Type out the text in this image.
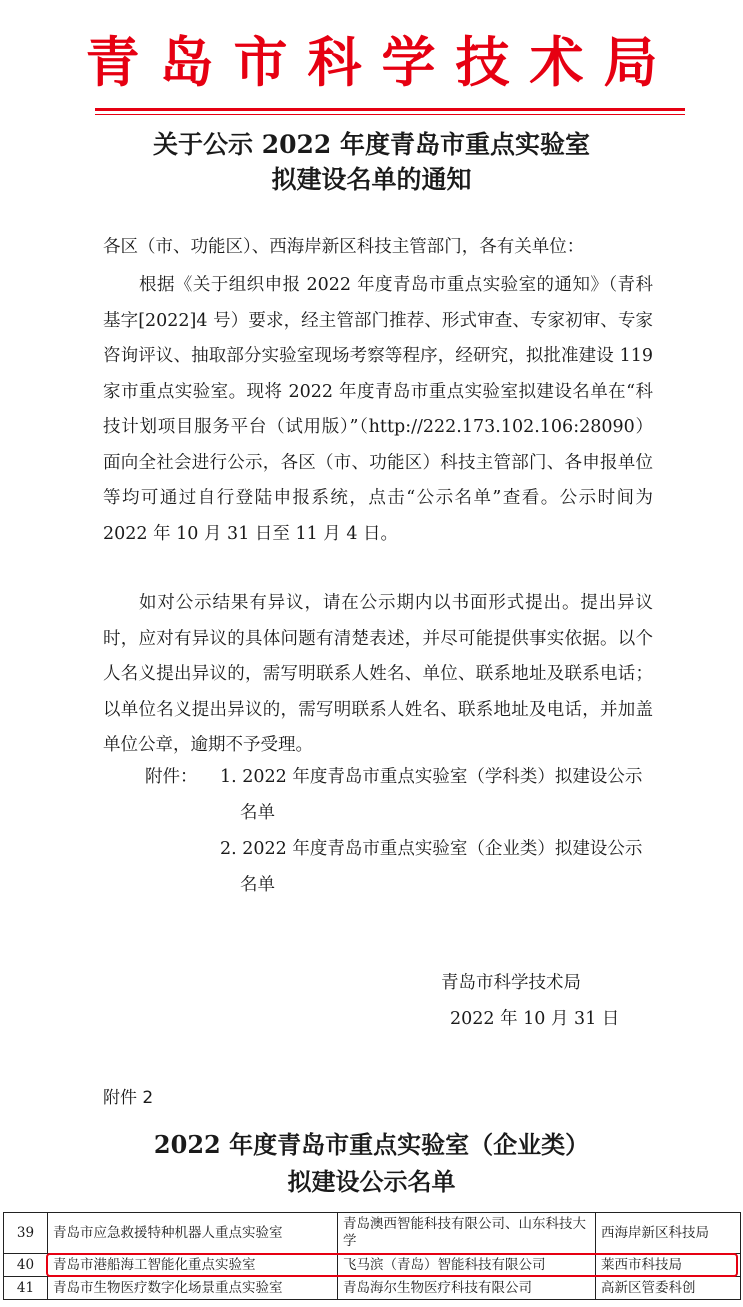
青岛市科学技术局
关于公示 2022 年度青岛市重点实验室
拟建设名单的通知
各区（市、功能区）、西海岸新区科技主管部门，各有关单位：
根据《关于组织申报 2022 年度青岛市重点实验室的通知》（青科基字[2022]4 号）要求，经主管部门推荐、形式审查、专家初审、专家咨询评议、抽取部分实验室现场考察等程序，经研究，拟批准建设 119 家市重点实验室。现将 2022 年度青岛市重点实验室拟建设名单在“科技计划项目服务平台（试用版）”（http://222.173.102.106:28090）面向全社会进行公示，各区（市、功能区）科技主管部门、各申报单位等均可通过自行登陆申报系统，点击“公示名单”查看。公示时间为 2022 年 10 月 31 日至 11 月 4 日。
如对公示结果有异议，请在公示期内以书面形式提出。提出异议时，应对有异议的具体问题有清楚表述，并尽可能提供事实依据。以个人名义提出异议的，需写明联系人姓名、单位、联系地址及联系电话；以单位名义提出异议的，需写明联系人姓名、联系地址及电话，并加盖单位公章，逾期不予受理。
附件： 1. 2022 年度青岛市重点实验室（学科类）拟建设公示名单
2. 2022 年度青岛市重点实验室（企业类）拟建设公示名单
青岛市科学技术局
2022 年 10 月 31 日
附件 2
2022 年度青岛市重点实验室（企业类）
拟建设公示名单
39	青岛市应急救援特种机器人重点实验室	青岛澳西智能科技有限公司、山东科技大学	西海岸新区科技局
40	青岛市港船海工智能化重点实验室	飞马滨（青岛）智能科技有限公司	莱西市科技局
41	青岛市生物医疗数字化场景重点实验室	青岛海尔生物医疗科技有限公司	高新区管委科创
